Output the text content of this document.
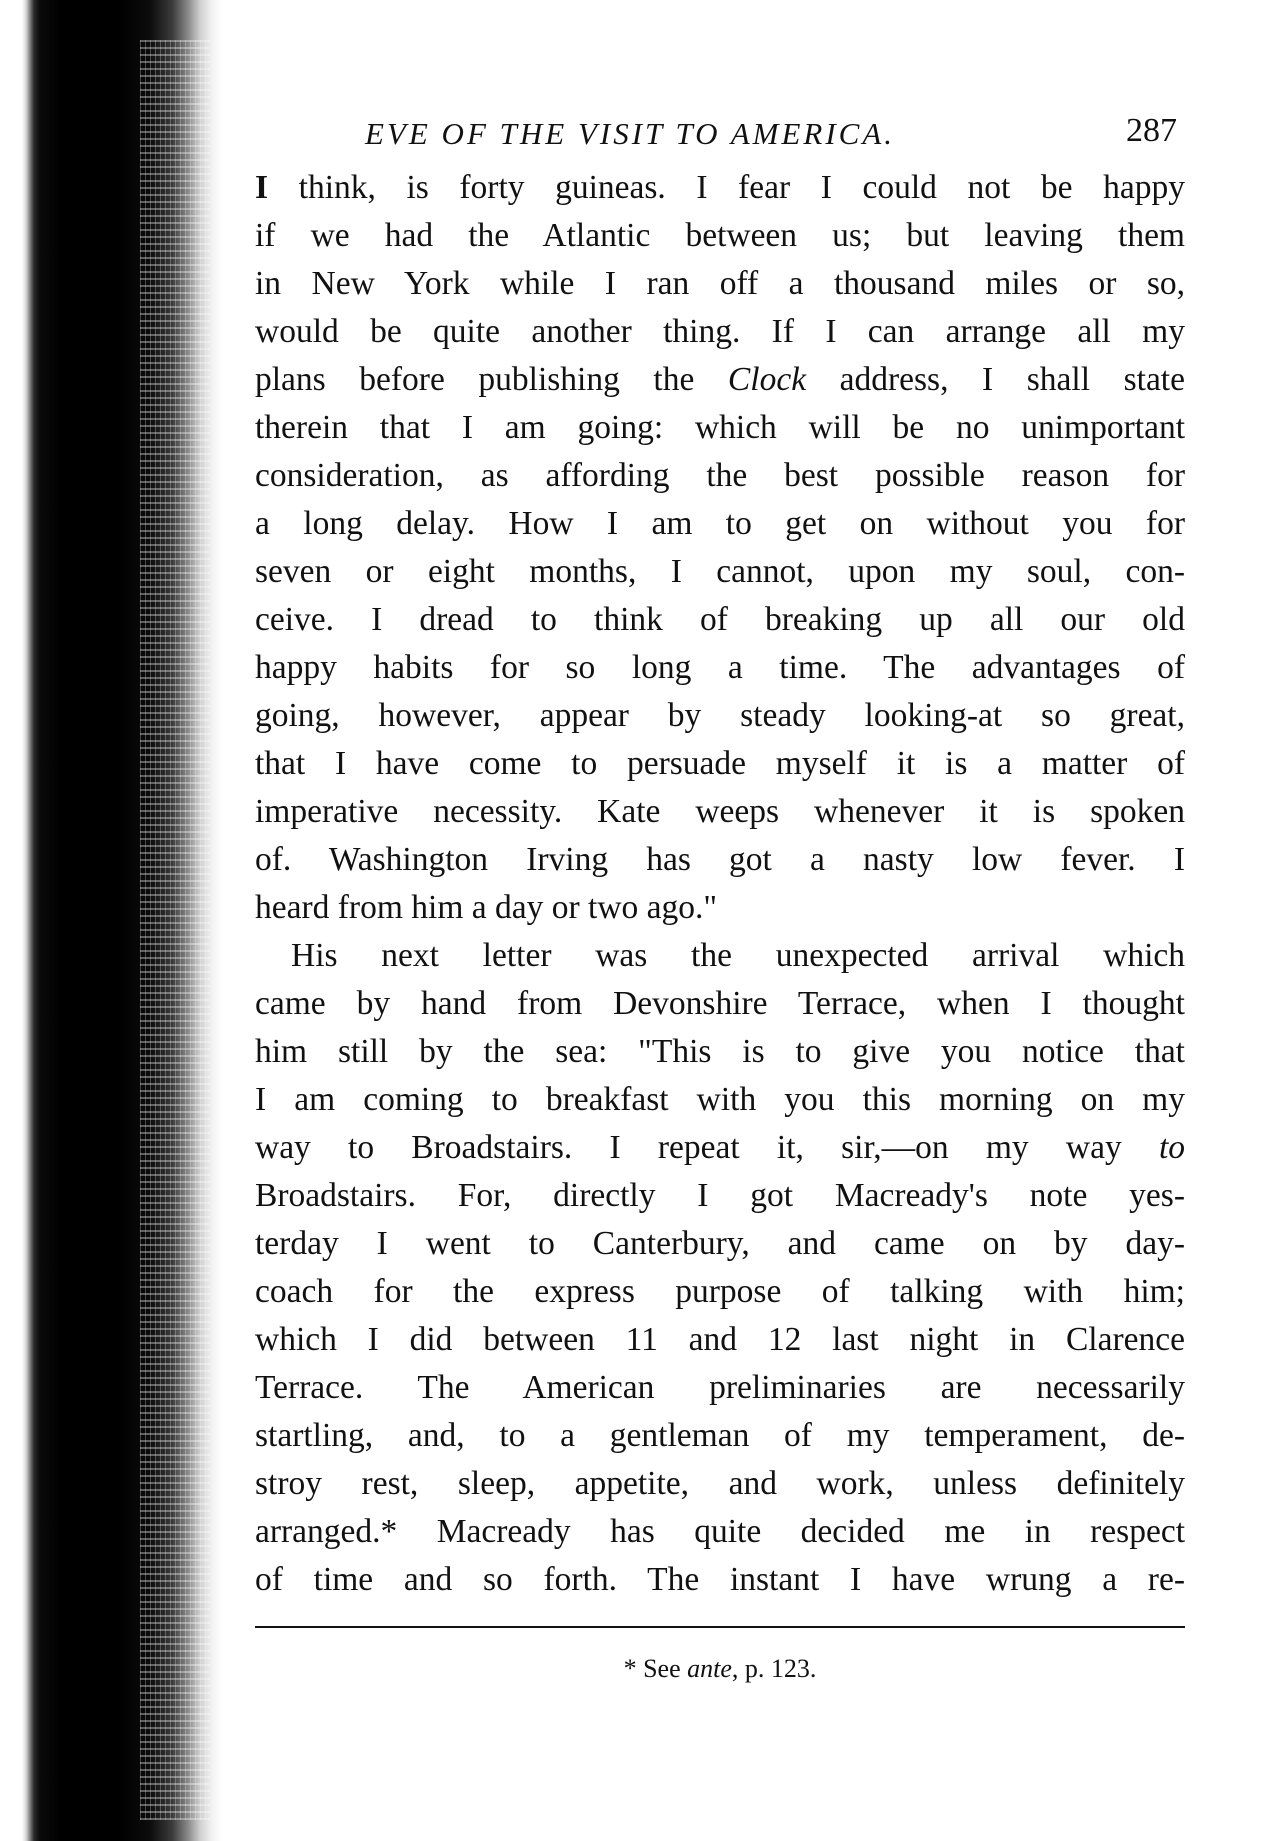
EVE OF THE VISIT TO AMERICA.	287
I think, is forty guineas. I fear I could not be happy
if we had the Atlantic between us; but leaving them
in New York while I ran off a thousand miles or so,
would be quite another thing. If I can arrange all my
plans before publishing the Clock address, I shall state
therein that I am going: which will be no unimportant
consideration, as affording the best possible reason for
a long delay. How I am to get on without you for
seven or eight months, I cannot, upon my soul, con-
ceive. I dread to think of breaking up all our old
happy habits for so long a time. The advantages of
going, however, appear by steady looking-at so great,
that I have come to persuade myself it is a matter of
imperative necessity. Kate weeps whenever it is spoken
of. Washington Irving has got a nasty low fever. I
heard from him a day or two ago."
His next letter was the unexpected arrival which
came by hand from Devonshire Terrace, when I thought
him still by the sea: "This is to give you notice that
I am coming to breakfast with you this morning on my
way to Broadstairs. I repeat it, sir,—on my way to
Broadstairs. For, directly I got Macready's note yes-
terday I went to Canterbury, and came on by day-
coach for the express purpose of talking with him;
which I did between 11 and 12 last night in Clarence
Terrace. The American preliminaries are necessarily
startling, and, to a gentleman of my temperament, de-
stroy rest, sleep, appetite, and work, unless definitely
arranged.* Macready has quite decided me in respect
of time and so forth. The instant I have wrung a re-
* See ante, p. 123.
